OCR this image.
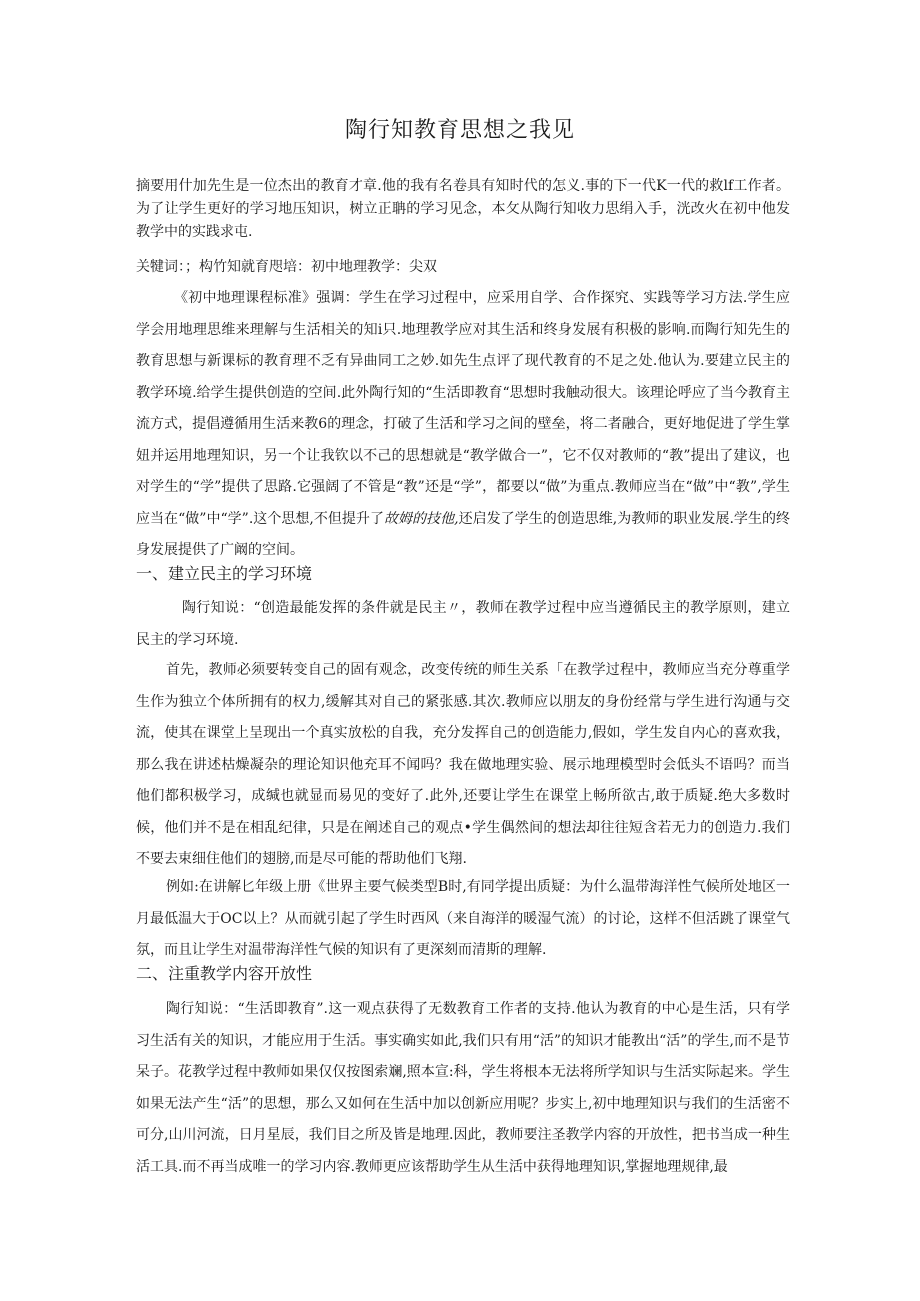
陶行知教育思想之我见

摘要用什加先生是一位杰出的教育才章.他的我有名卷具有知时代的怎义.事的下一代K一代的救lf工作者。为了让学生更好的学习地压知识，树立正聃的学习见念，本攵从陶行知收力思绢入手，洸改火在初中他发教学中的实践求屯.

关犍词：；构竹知就育咫培：初中地理教学：尖双

《初中地理课程标准》强调：学生在学习过程中，应采用自学、合作探究、实践等学习方法.学生应学会用地理思维来理解与生活相关的知i只.地理教学应对其生活和终身发展有积极的影响.而陶行知先生的教育思想与新课标的教育理不乏有异曲同工之妙.如先生点评了现代教育的不足之处.他认为.要建立民主的教学环境.给学生提供创造的空间.此外陶行知的“生活即教育“思想时我触动很大。该理论呼应了当今教育主流方式，提倡遵循用生活来教6的理念，打破了生活和学习之间的壁垒，将二者融合，更好地促进了学生掌妞并运用地理知识，另一个让我钦以不己的思想就是“教学做合一”，它不仅对教师的“教”提出了建议，也对学生的“学”提供了思路.它强阔了不管是“教”还是“学”，都要以“做”为重点.教师应当在“做”中“教”,学生应当在“做”中“学”.这个思想,不但提升了故姆的技他,还启发了学生的创造思维,为教师的职业发展.学生的终身发展提供了广阚的空间。

一、建立民主的学习环境

陶行知说：“创造最能发挥的条件就是民主〃，教师在教学过程中应当遵循民主的教学原则，建立民主的学习环境.

首先，教师必须要转变自己的固有观念，改变传统的师生关系「在教学过程中，教师应当充分尊重学生作为独立个体所拥有的权力,缓解其对自己的紧张感.其次.教师应以朋友的身份经常与学生进行沟通与交流，使其在课堂上呈现出一个真实放松的自我，充分发挥自己的创造能力,假如，学生发自内心的喜欢我，那么我在讲述枯燥凝杂的理论知识他充耳不闻吗？我在做地理实验、展示地理模型时会低头不语吗？而当他们都积极学习，成缄也就显而易见的变好了.此外,还要让学生在课堂上畅所欲古,敢于质疑.绝大多数时候，他们并不是在相乱纪律，只是在阐述自己的观点•学生偶然间的想法却往往短含若无力的创造力.我们不要去束细住他们的翅膀,而是尽可能的帮助他们飞翔.

例如:在讲解匕年级上册《世界主要气候类型B时,有同学提出质疑：为什么温带海洋性气候所处地区一月最低温大于OC以上？从而就引起了学生时西风（来自海洋的暖湿气流）的讨论，这样不但活跳了课堂气氛，而且让学生对温带海洋性气候的知识有了更深刻而清斯的理解.

二、注重教学内容开放性

陶行知说：“生活即教育”.这一观点获得了无数教育工作者的支持.他认为教育的中心是生活，只有学习生活有关的知识，才能应用于生活。事实确实如此,我们只有用“活”的知识才能教出“活”的学生,而不是节呆子。花教学过程中教师如果仅仅按图索斓,照本宣:科，学生将根本无法将所学知识与生活实际起来。学生如果无法产生“活”的思想，那么又如何在生活中加以创新应用呢？步实上,初中地理知识与我们的生活密不可分,山川河流，日月星辰，我们目之所及皆是地理.因此，教师要注圣教学内容的开放性，把书当成一种生活工具.而不再当成唯一的学习内容.教师更应该帮助学生从生活中获得地理知识,掌握地理规律,最
